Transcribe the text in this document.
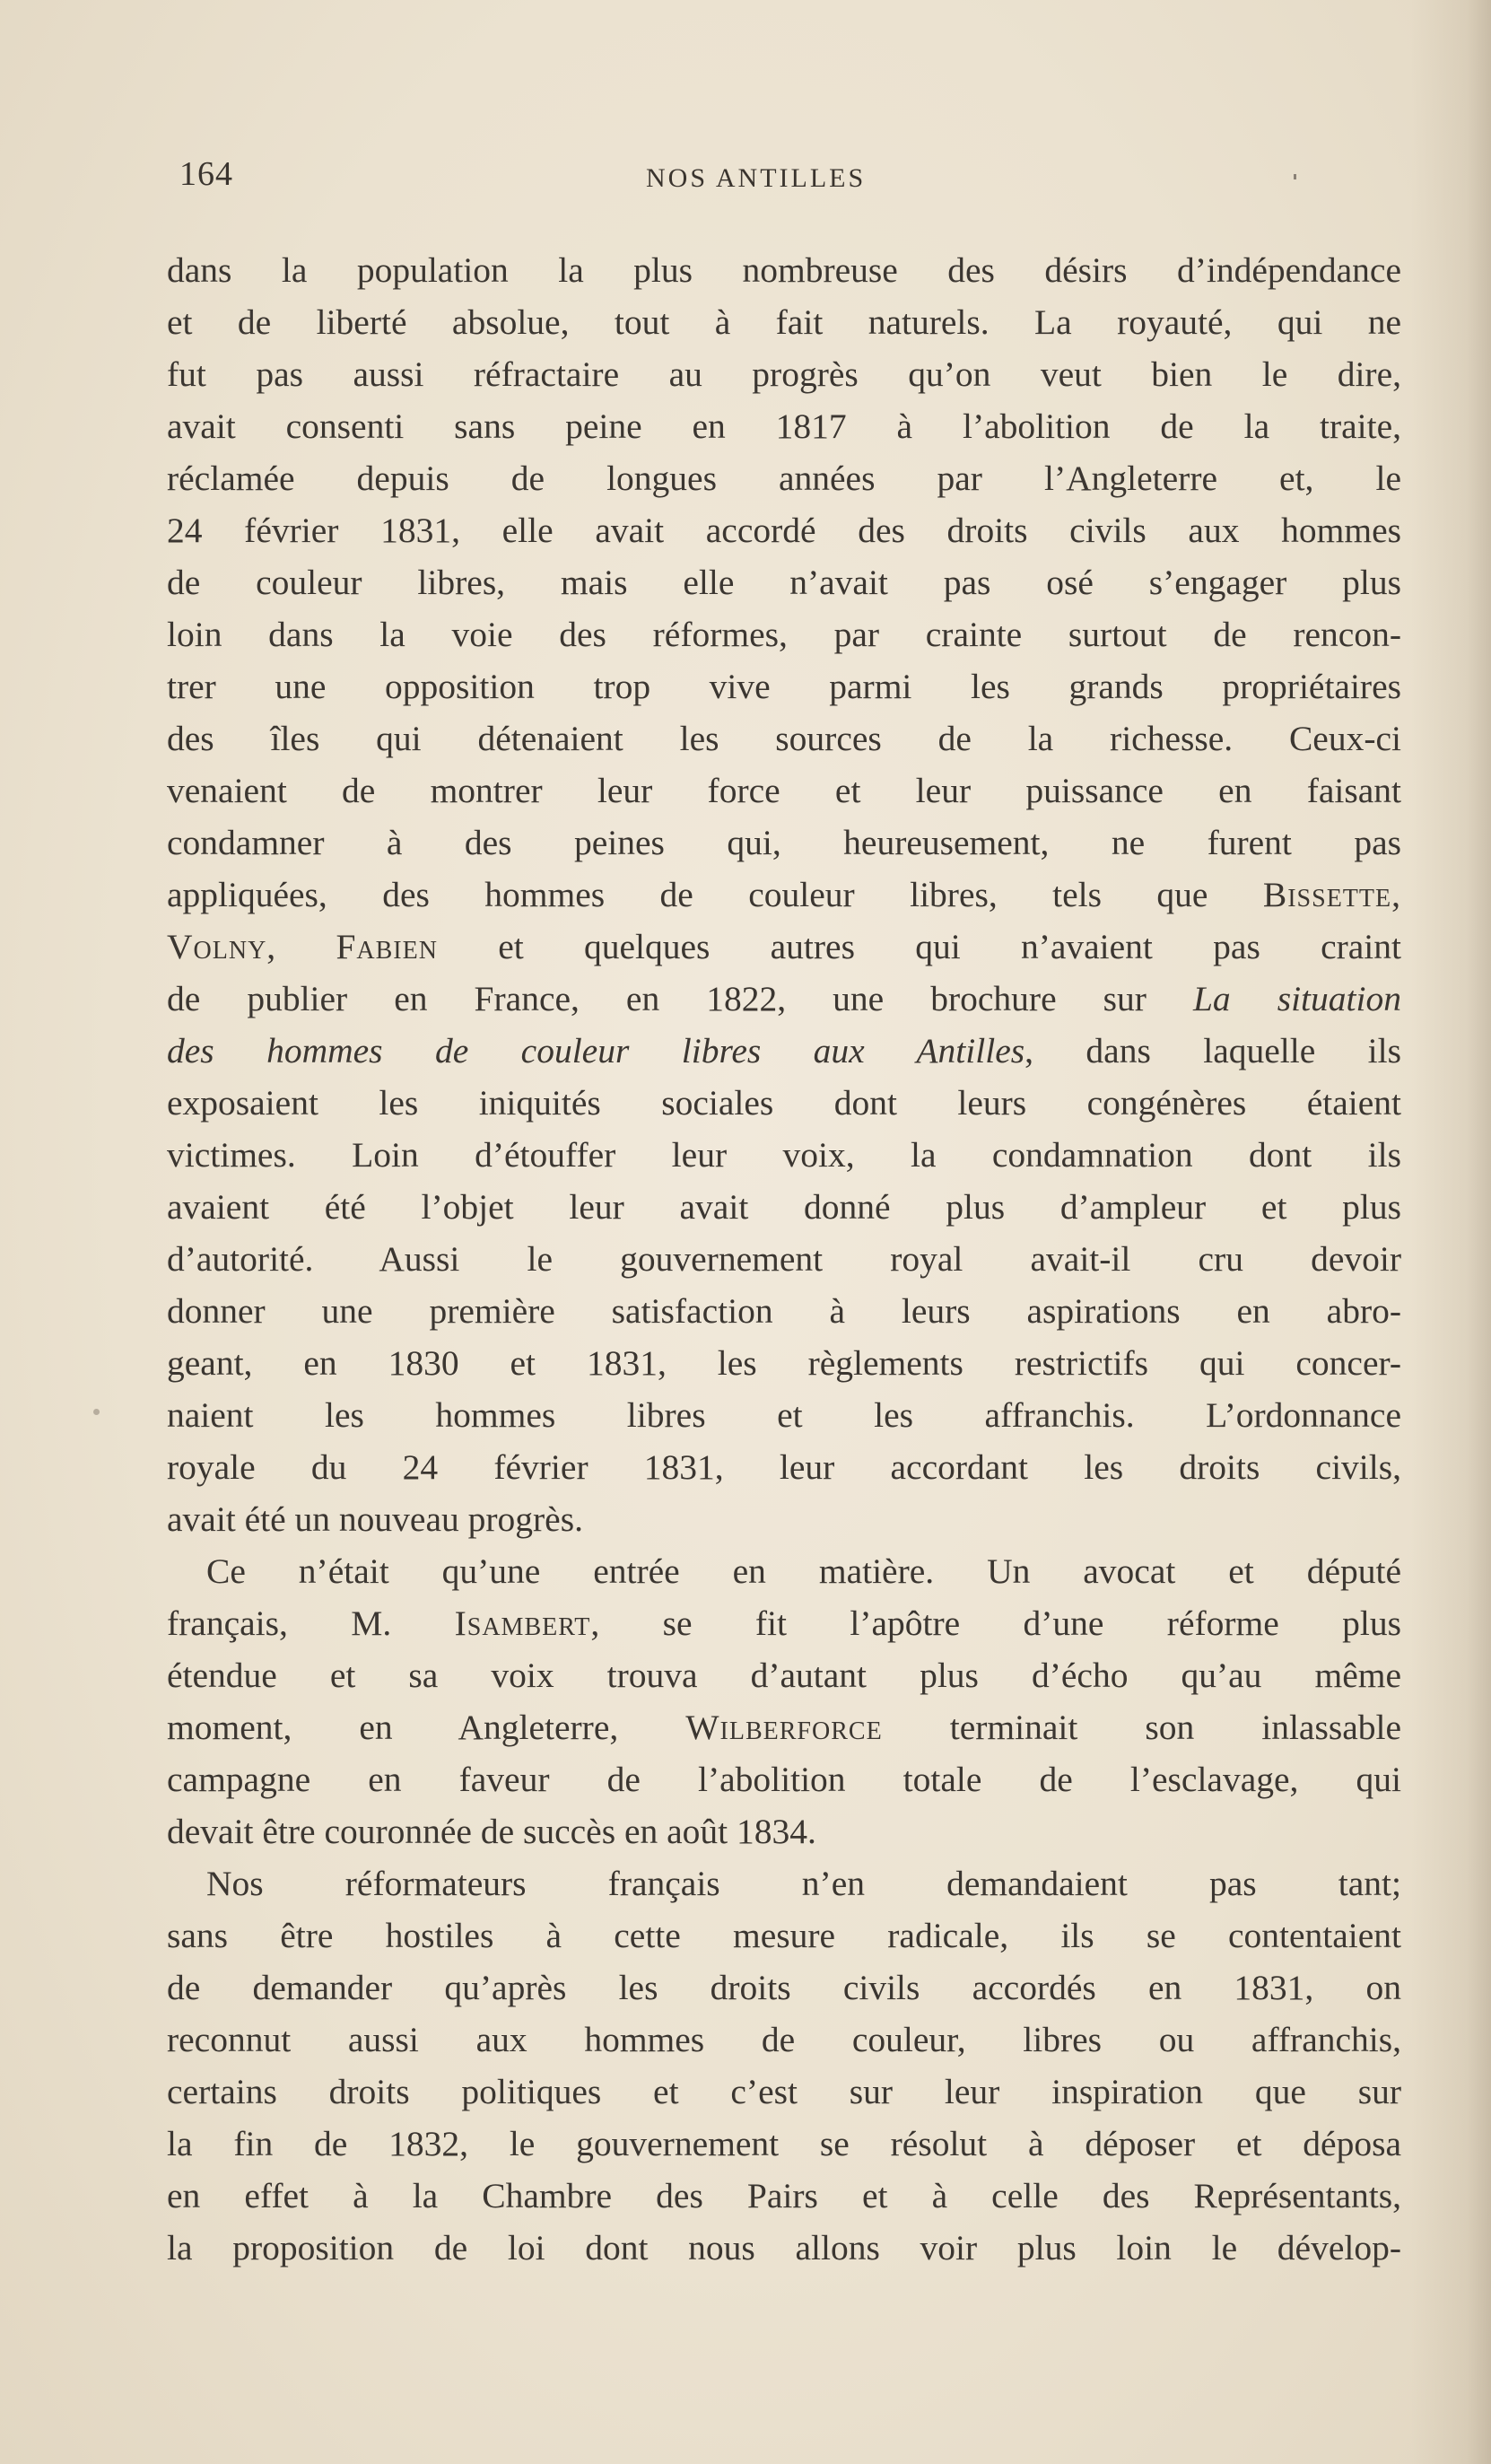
164	NOS ANTILLES
dans la population la plus nombreuse des désirs d’indépendance
et de liberté absolue, tout à fait naturels. La royauté, qui ne
fut pas aussi réfractaire au progrès qu’on veut bien le dire,
avait consenti sans peine en 1817 à l’abolition de la traite,
réclamée depuis de longues années par l’Angleterre et, le
24 février 1831, elle avait accordé des droits civils aux hommes
de couleur libres, mais elle n’avait pas osé s’engager plus
loin dans la voie des réformes, par crainte surtout de rencon-
trer une opposition trop vive parmi les grands propriétaires
des îles qui détenaient les sources de la richesse. Ceux-ci
venaient de montrer leur force et leur puissance en faisant
condamner à des peines qui, heureusement, ne furent pas
appliquées, des hommes de couleur libres, tels que Bissette,
Volny, Fabien et quelques autres qui n’avaient pas craint
de publier en France, en 1822, une brochure sur La situation
des hommes de couleur libres aux Antilles, dans laquelle ils
exposaient les iniquités sociales dont leurs congénères étaient
victimes. Loin d’étouffer leur voix, la condamnation dont ils
avaient été l’objet leur avait donné plus d’ampleur et plus
d’autorité. Aussi le gouvernement royal avait-il cru devoir
donner une première satisfaction à leurs aspirations en abro-
geant, en 1830 et 1831, les règlements restrictifs qui concer-
naient les hommes libres et les affranchis. L’ordonnance
royale du 24 février 1831, leur accordant les droits civils,
avait été un nouveau progrès.
Ce n’était qu’une entrée en matière. Un avocat et député
français, M. Isambert, se fit l’apôtre d’une réforme plus
étendue et sa voix trouva d’autant plus d’écho qu’au même
moment, en Angleterre, Wilberforce terminait son inlassable
campagne en faveur de l’abolition totale de l’esclavage, qui
devait être couronnée de succès en août 1834.
Nos réformateurs français n’en demandaient pas tant;
sans être hostiles à cette mesure radicale, ils se contentaient
de demander qu’après les droits civils accordés en 1831, on
reconnut aussi aux hommes de couleur, libres ou affranchis,
certains droits politiques et c’est sur leur inspiration que sur
la fin de 1832, le gouvernement se résolut à déposer et déposa
en effet à la Chambre des Pairs et à celle des Représentants,
la proposition de loi dont nous allons voir plus loin le dévelop-
